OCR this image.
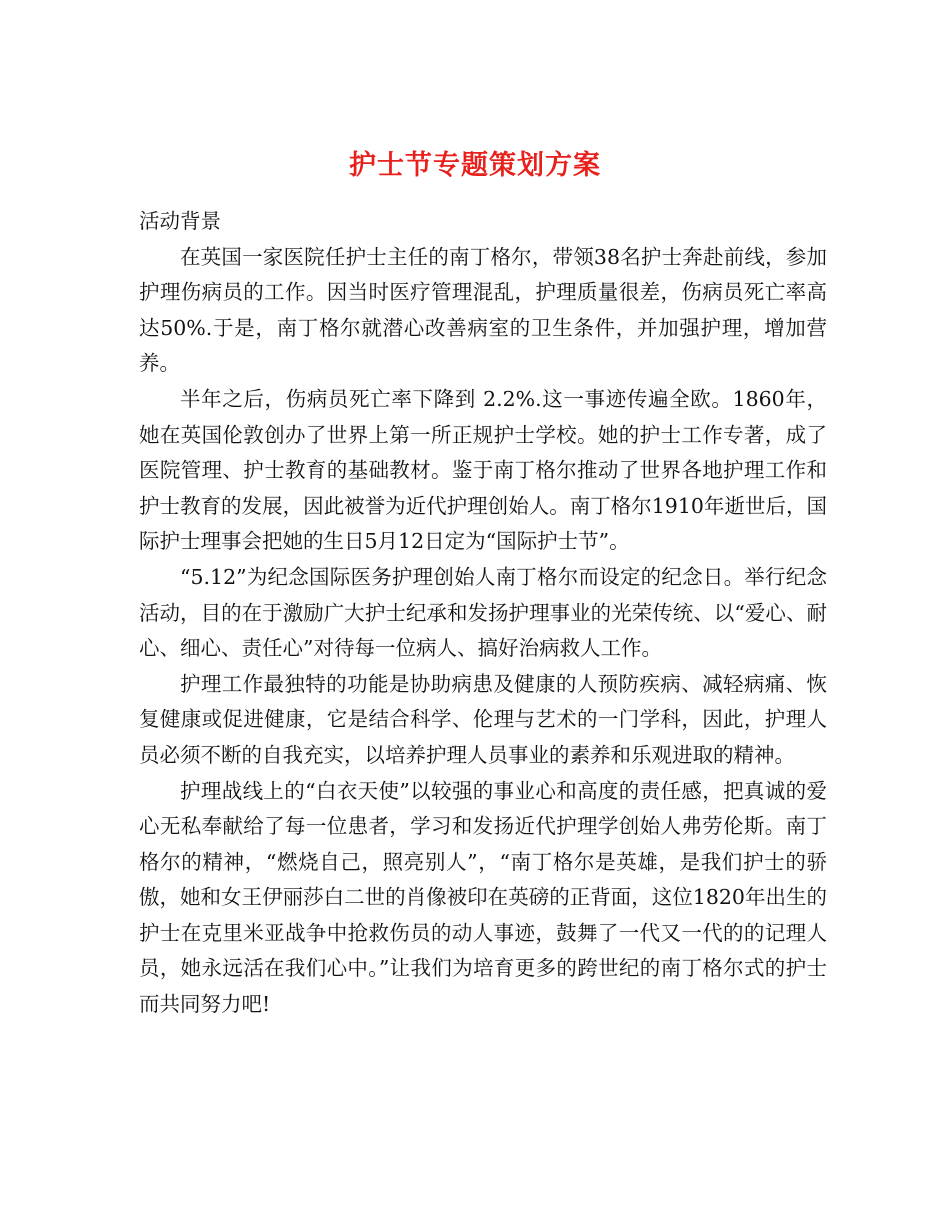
护士节专题策划方案

活动背景

在英国一家医院任护士主任的南丁格尔，带领38名护士奔赴前线，参加护理伤病员的工作。因当时医疗管理混乱，护理质量很差，伤病员死亡率高达50%.于是，南丁格尔就潜心改善病室的卫生条件，并加强护理，增加营养。

半年之后，伤病员死亡率下降到 2.2%.这一事迹传遍全欧。1860年，她在英国伦敦创办了世界上第一所正规护士学校。她的护士工作专著，成了医院管理、护士教育的基础教材。鉴于南丁格尔推动了世界各地护理工作和护士教育的发展，因此被誉为近代护理创始人。南丁格尔1910年逝世后，国际护士理事会把她的生日5月12日定为“国际护士节”。

“5.12”为纪念国际医务护理创始人南丁格尔而设定的纪念日。举行纪念活动，目的在于激励广大护士纪承和发扬护理事业的光荣传统、以“爱心、耐心、细心、责任心”对待每一位病人、搞好治病救人工作。

护理工作最独特的功能是协助病患及健康的人预防疾病、减轻病痛、恢复健康或促进健康，它是结合科学、伦理与艺术的一门学科，因此，护理人员必须不断的自我充实，以培养护理人员事业的素养和乐观进取的精神。

护理战线上的“白衣天使”以较强的事业心和高度的责任感，把真诚的爱心无私奉献给了每一位患者，学习和发扬近代护理学创始人弗劳伦斯。南丁格尔的精神，“燃烧自己，照亮别人”，“南丁格尔是英雄，是我们护士的骄傲，她和女王伊丽莎白二世的肖像被印在英磅的正背面，这位1820年出生的护士在克里米亚战争中抢救伤员的动人事迹，鼓舞了一代又一代的的记理人员，她永远活在我们心中。”让我们为培育更多的跨世纪的南丁格尔式的护士而共同努力吧!
